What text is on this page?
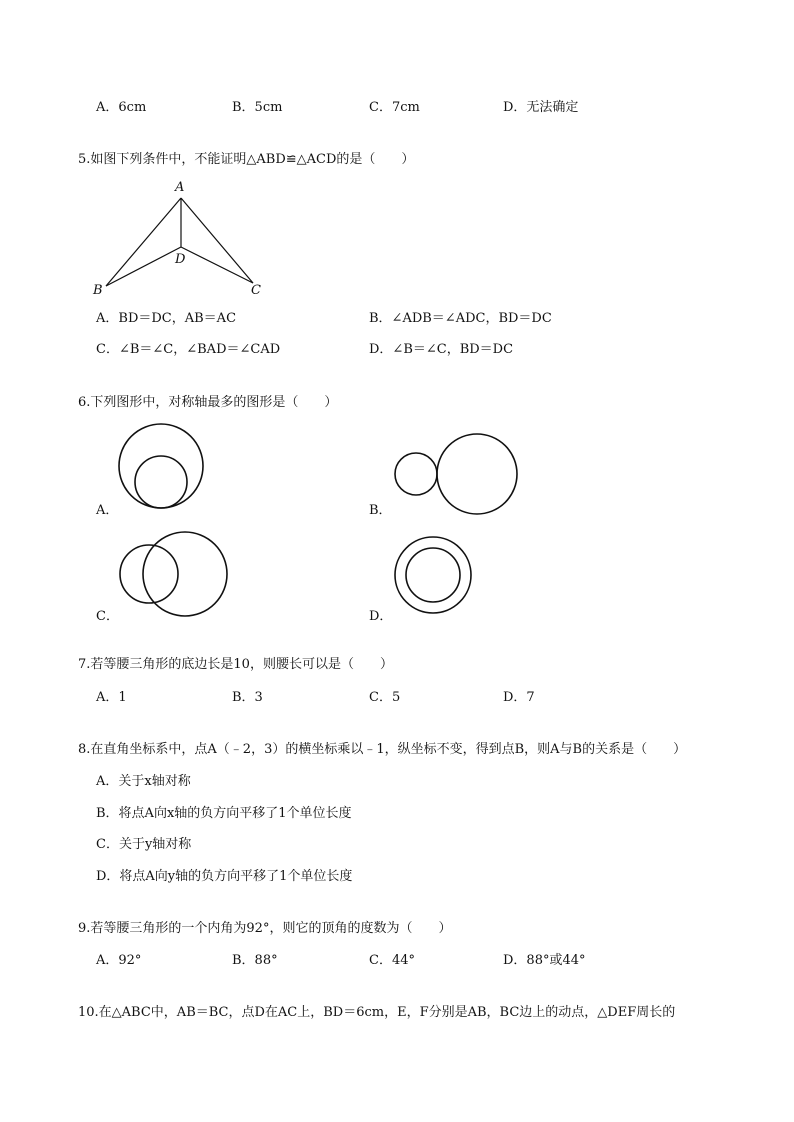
A．6cm	B．5cm	C．7cm	D．无法确定
5.如图下列条件中，不能证明△ABD≌△ACD的是（　　）
A
B	C
D
A．BD＝DC，AB＝AC	B．∠ADB＝∠ADC，BD＝DC
C．∠B＝∠C，∠BAD＝∠CAD	D．∠B＝∠C，BD＝DC
6.下列图形中，对称轴最多的图形是（　　）
A．	B．
C．	D．
7.若等腰三角形的底边长是10，则腰长可以是（　　）
A．1	B．3	C．5	D．7
8.在直角坐标系中，点A（﹣2，3）的横坐标乘以﹣1，纵坐标不变，得到点B，则A与B的关系是（　　）
A．关于x轴对称
B．将点A向x轴的负方向平移了1个单位长度
C．关于y轴对称
D．将点A向y轴的负方向平移了1个单位长度
9.若等腰三角形的一个内角为92°，则它的顶角的度数为（　　）
A．92°	B．88°	C．44°	D．88°或44°
10.在△ABC中，AB＝BC，点D在AC上，BD＝6cm，E，F分别是AB，BC边上的动点，△DEF周长的
